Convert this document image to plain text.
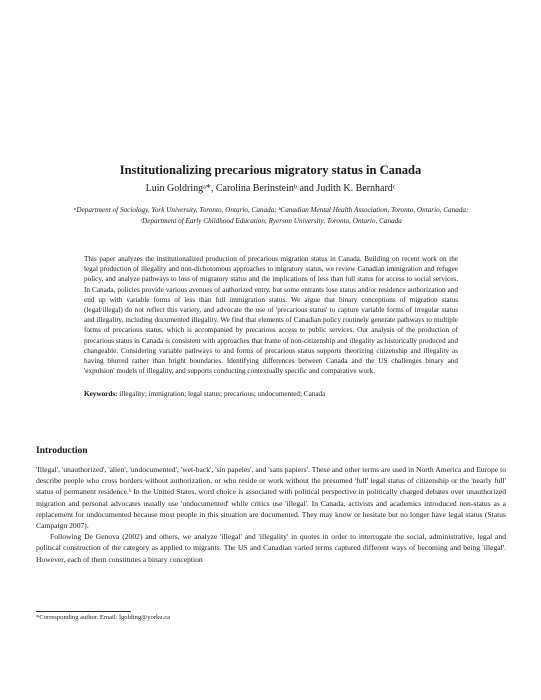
Institutionalizing precarious migratory status in Canada
Luin Goldringᵃ*, Carolina Berinsteinᵇ and Judith K. Bernhardᶜ
ᵃDepartment of Sociology, York University, Toronto, Ontario, Canada; ᵇCanadian Mental Health Association, Toronto, Ontario, Canada; ᶜDepartment of Early Childhood Education, Ryerson University, Toronto, Ontario, Canada
This paper analyzes the institutionalized production of precarious migration status in Canada. Building on recent work on the legal production of illegality and non-dichotomous approaches to migratory status, we review Canadian immigration and refugee policy, and analyze pathways to loss of migratory status and the implications of less than full status for access to social services. In Canada, policies provide various avenues of authorized entry, but some entrants lose status and/or residence authorization and end up with variable forms of less than full immigration status. We argue that binary conceptions of migration status (legal/illegal) do not reflect this variety, and advocate the use of 'precarious status' to capture variable forms of irregular status and illegality, including documented illegality. We find that elements of Canadian policy routinely generate pathways to multiple forms of precarious status, which is accompanied by precarious access to public services. Our analysis of the production of precarious status in Canada is consistent with approaches that frame of non-citizenship and illegality as historically produced and changeable. Considering variable pathways to and forms of precarious status supports theorizing citizenship and illegality as having blurred rather than bright boundaries. Identifying differences between Canada and the US challenges binary and 'expulsion' models of illegality, and supports conducting contextually specific and comparative work.
Keywords: illegality; immigration; legal status; precarious; undocumented; Canada
Introduction

'Illegal', 'unauthorized', 'alien', 'undocumented', 'wet-back', 'sin papeles', and 'sans papiers'. These and other terms are used in North America and Europe to describe people who cross borders without authorization, or who reside or work without the presumed 'full' legal status of citizenship or the 'nearly full' status of permanent residence.¹ In the United States, word choice is associated with political perspective in politically charged debates over unauthorized migration and personal advocates usually use 'undocumented' while critics use 'illegal'. In Canada, activists and academics introduced non-status as a replacement for undocumented because most people in this situation are documented. They may know or hesitate but no longer have legal status (Status Campaign 2007).

Following De Genova (2002) and others, we analyze 'illegal' and 'illegality' in quotes in order to interrogate the social, administrative, legal and political construction of the category as applied to migrants. The US and Canadian varied terms captured different ways of becoming and being 'illegal'. However, each of them constitutes a binary conception

*Corresponding author. Email: lgolding@yorku.ca
